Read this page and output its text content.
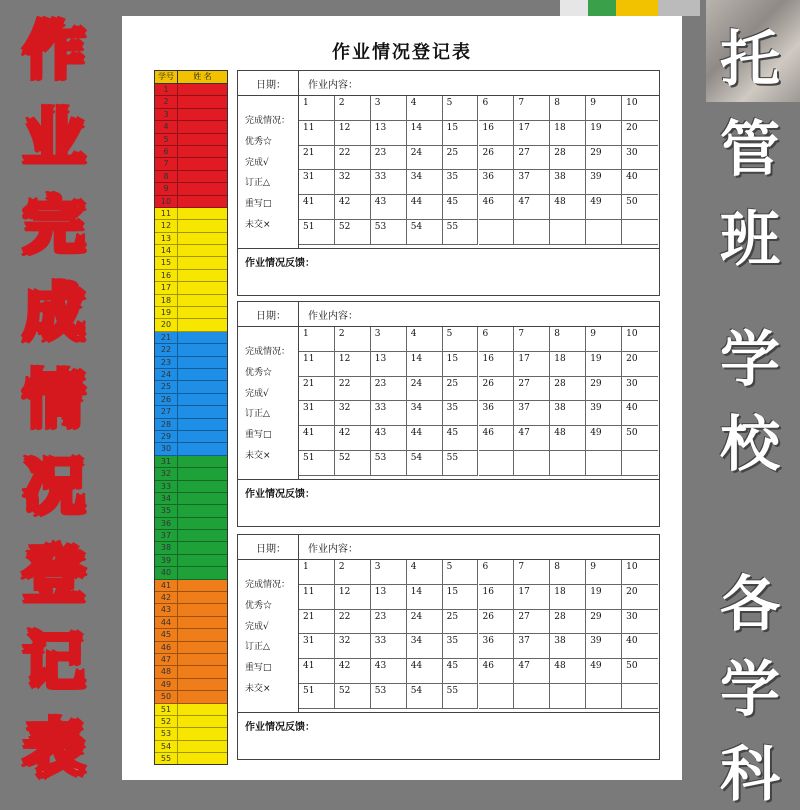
作
业
完
成
情
况
登
记
表
托
管
班
学
校
各
学
科
作业情况登记表
学号	姓 名
1
2
3
4
5
6
7
8
9
10
11
12
13
14
15
16
17
18
19
20
21
22
23
24
25
26
27
28
29
30
31
32
33
34
35
36
37
38
39
40
41
42
43
44
45
46
47
48
49
50
51
52
53
54
55
日期： 作业内容：
完成情况：
优秀☆
完成√
订正△
重写□
未交×
1	2	3	4	5	6	7	8	9	10
11	12	13	14	15	16	17	18	19	20
21	22	23	24	25	26	27	28	29	30
31	32	33	34	35	36	37	38	39	40
41	42	43	44	45	46	47	48	49	50
51	52	53	54	55
作业情况反馈：
日期： 作业内容：
完成情况：
优秀☆
完成√
订正△
重写□
未交×
1	2	3	4	5	6	7	8	9	10
11	12	13	14	15	16	17	18	19	20
21	22	23	24	25	26	27	28	29	30
31	32	33	34	35	36	37	38	39	40
41	42	43	44	45	46	47	48	49	50
51	52	53	54	55
作业情况反馈：
日期： 作业内容：
完成情况：
优秀☆
完成√
订正△
重写□
未交×
1	2	3	4	5	6	7	8	9	10
11	12	13	14	15	16	17	18	19	20
21	22	23	24	25	26	27	28	29	30
31	32	33	34	35	36	37	38	39	40
41	42	43	44	45	46	47	48	49	50
51	52	53	54	55
作业情况反馈：
